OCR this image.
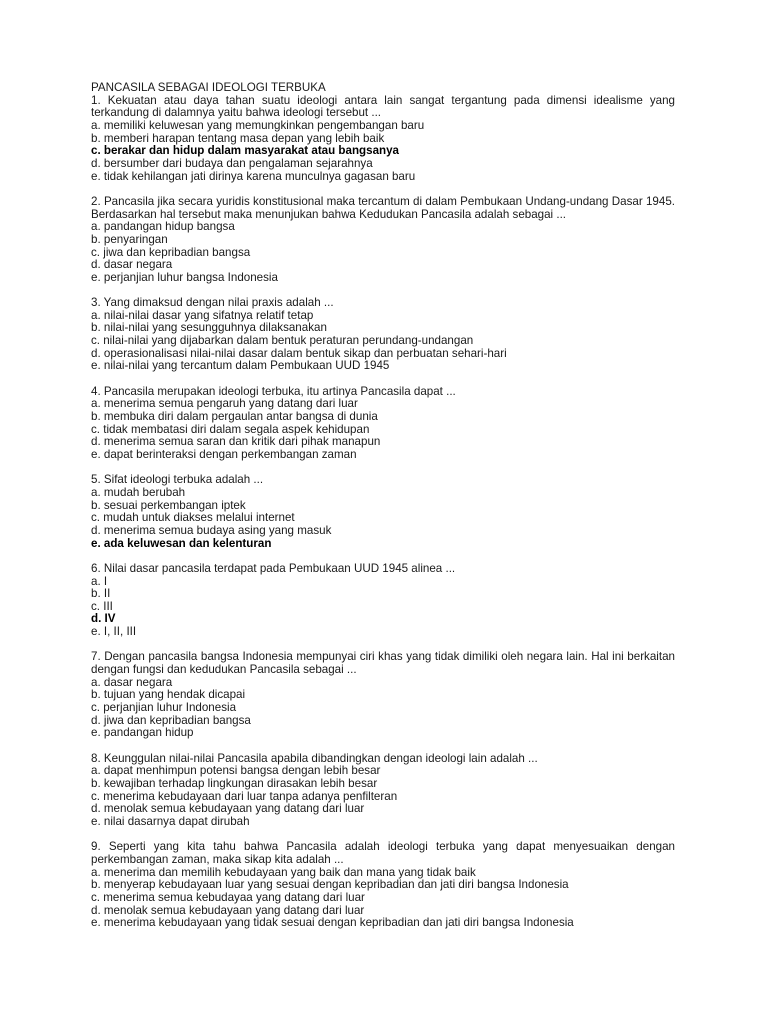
PANCASILA SEBAGAI IDEOLOGI TERBUKA
1. Kekuatan atau daya tahan suatu ideologi antara lain sangat tergantung pada dimensi idealisme yang terkandung di dalamnya yaitu bahwa ideologi tersebut ...
a. memiliki keluwesan yang memungkinkan pengembangan baru
b. memberi harapan tentang masa depan yang lebih baik
c. berakar dan hidup dalam masyarakat atau bangsanya
d. bersumber dari budaya dan pengalaman sejarahnya
e. tidak kehilangan jati dirinya karena munculnya gagasan baru
2. Pancasila jika secara yuridis konstitusional maka tercantum di dalam Pembukaan Undang-undang Dasar 1945. Berdasarkan hal tersebut maka menunjukan bahwa Kedudukan Pancasila adalah sebagai ...
a. pandangan hidup bangsa
b. penyaringan
c. jiwa dan kepribadian bangsa
d. dasar negara
e. perjanjian luhur bangsa Indonesia
3. Yang dimaksud dengan nilai praxis adalah ...
a. nilai-nilai dasar yang sifatnya relatif tetap
b. nilai-nilai yang sesungguhnya dilaksanakan
c. nilai-nilai yang dijabarkan dalam bentuk peraturan perundang-undangan
d. operasionalisasi nilai-nilai dasar dalam bentuk sikap dan perbuatan sehari-hari
e. nilai-nilai yang tercantum dalam Pembukaan UUD 1945
4. Pancasila merupakan ideologi terbuka, itu artinya Pancasila dapat ...
a. menerima semua pengaruh yang datang dari luar
b. membuka diri dalam pergaulan antar bangsa di dunia
c. tidak membatasi diri dalam segala aspek kehidupan
d. menerima semua saran dan kritik dari pihak manapun
e. dapat berinteraksi dengan perkembangan zaman
5. Sifat ideologi terbuka adalah ...
a. mudah berubah
b. sesuai perkembangan iptek
c. mudah untuk diakses melalui internet
d. menerima semua budaya asing yang masuk
e. ada keluwesan dan kelenturan
6. Nilai dasar pancasila terdapat pada Pembukaan UUD 1945 alinea ...
a. I
b. II
c. III
d. IV
e. I, II, III
7. Dengan pancasila bangsa Indonesia mempunyai ciri khas yang tidak dimiliki oleh negara lain. Hal ini berkaitan dengan fungsi dan kedudukan Pancasila sebagai ...
a. dasar negara
b. tujuan yang hendak dicapai
c. perjanjian luhur Indonesia
d. jiwa dan kepribadian bangsa
e. pandangan hidup
8. Keunggulan nilai-nilai Pancasila apabila dibandingkan dengan ideologi lain adalah ...
a. dapat menhimpun potensi bangsa dengan lebih besar
b. kewajiban terhadap lingkungan dirasakan lebih besar
c. menerima kebudayaan dari luar tanpa adanya penfilteran
d. menolak semua kebudayaan yang datang dari luar
e. nilai dasarnya dapat dirubah
9. Seperti yang kita tahu bahwa Pancasila adalah ideologi terbuka yang dapat menyesuaikan dengan perkembangan zaman, maka sikap kita adalah ...
a. menerima dan memilih kebudayaan yang baik dan mana yang tidak baik
b. menyerap kebudayaan luar yang sesuai dengan kepribadian dan jati diri bangsa Indonesia
c. menerima semua kebudayaa yang datang dari luar
d. menolak semua kebudayaan yang datang dari luar
e. menerima kebudayaan yang tidak sesuai dengan kepribadian dan jati diri bangsa Indonesia
